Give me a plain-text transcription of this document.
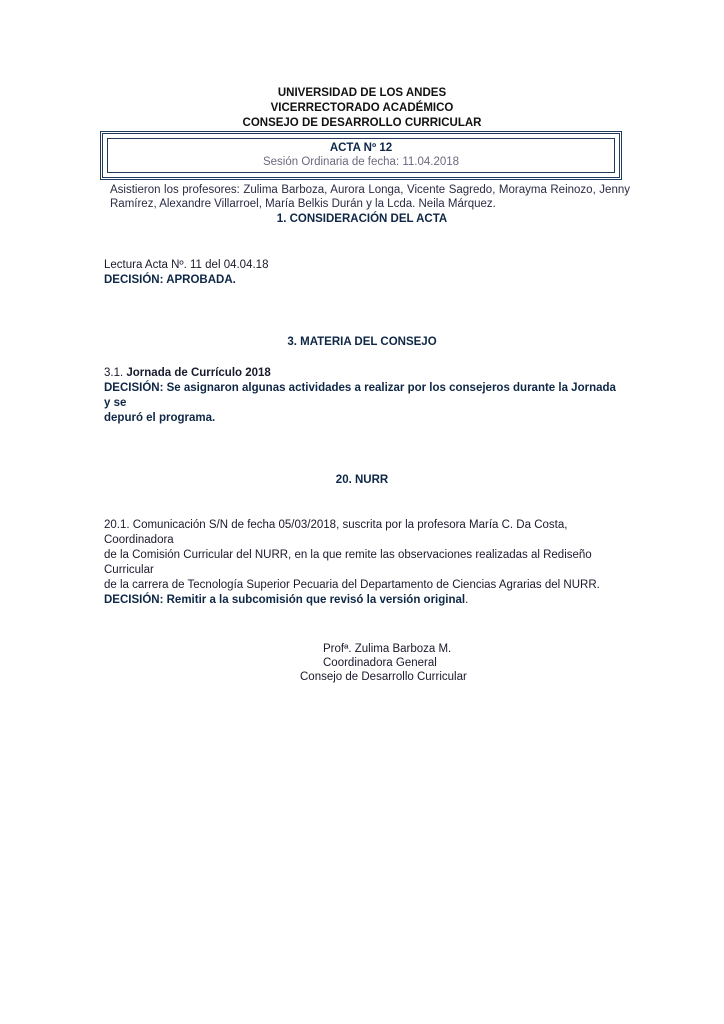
UNIVERSIDAD DE LOS ANDES
VICERRECTORADO ACADÉMICO
CONSEJO DE DESARROLLO CURRICULAR
ACTA Nº 12
Sesión Ordinaria de fecha: 11.04.2018
Asistieron los profesores: Zulima Barboza, Aurora Longa, Vicente Sagredo, Morayma Reinozo, Jenny
Ramírez, Alexandre Villarroel, María Belkis Durán y la Lcda. Neila Márquez.
1. CONSIDERACIÓN DEL ACTA
Lectura Acta Nº. 11 del 04.04.18
DECISIÓN: APROBADA.
3. MATERIA DEL CONSEJO
3.1. Jornada de Currículo 2018
DECISIÓN: Se asignaron algunas actividades a realizar por los consejeros durante la Jornada y se
depuró el programa.
20. NURR
20.1. Comunicación S/N de fecha 05/03/2018, suscrita por la profesora María C. Da Costa, Coordinadora
de la Comisión Curricular del NURR, en la que remite las observaciones realizadas al Rediseño Curricular
de la carrera de Tecnología Superior Pecuaria del Departamento de Ciencias Agrarias del NURR.
DECISIÓN: Remitir a la subcomisión que revisó la versión original.
Profª. Zulima Barboza M.
Coordinadora General
Consejo de Desarrollo Curricular
